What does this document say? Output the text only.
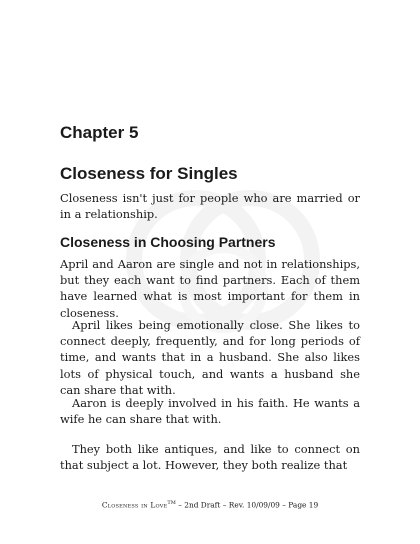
Chapter 5
Closeness for Singles

Closeness isn't just for people who are married or in a relationship.

Closeness in Choosing Partners

April and Aaron are single and not in relationships, but they each want to find partners. Each of them have learned what is most important for them in closeness.

April likes being emotionally close. She likes to connect deeply, frequently, and for long periods of time, and wants that in a husband. She also likes lots of physical touch, and wants a husband she can share that with.

Aaron is deeply involved in his faith. He wants a wife he can share that with.

They both like antiques, and like to connect on that subject a lot. However, they both realize that

Closeness in Love™ – 2nd Draft – Rev. 10/09/09 – Page 19
